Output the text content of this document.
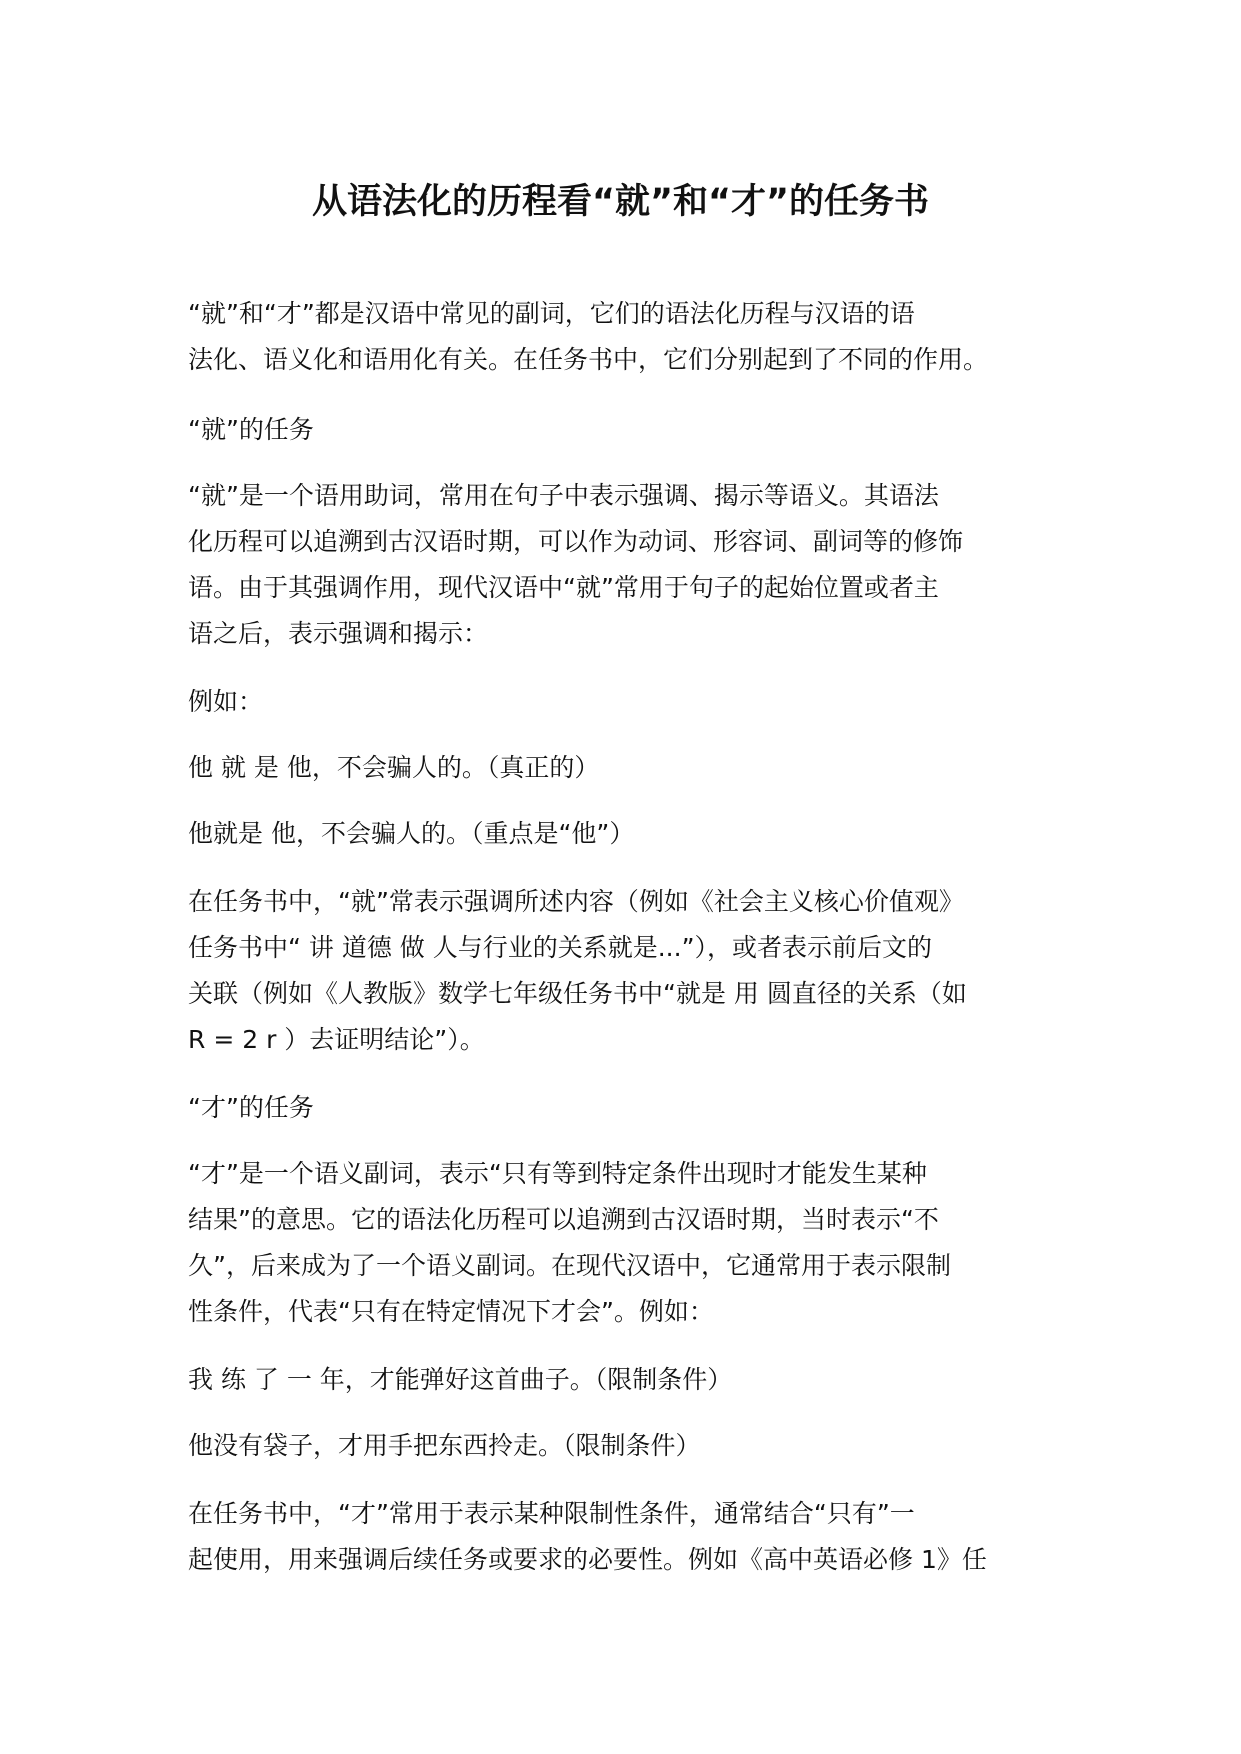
从语法化的历程看“就”和“才”的任务书

“就”和“才”都是汉语中常见的副词，它们的语法化历程与汉语的语

法化、语义化和语用化有关。在任务书中，它们分别起到了不同的作用。

“就”的任务

“就”是一个语用助词，常用在句子中表示强调、揭示等语义。其语法

化历程可以追溯到古汉语时期，可以作为动词、形容词、副词等的修饰

语。由于其强调作用，现代汉语中“就”常用于句子的起始位置或者主

语之后，表示强调和揭示：

例如：

他 就 是 他，不会骗人的。（真正的）

他就是 他，不会骗人的。（重点是“他”）

在任务书中，“就”常表示强调所述内容（例如《社会主义核心价值观》

任务书中“ 讲 道德 做 人与行业的关系就是...”），或者表示前后文的

关联（例如《人教版》数学七年级任务书中“就是 用 圆直径的关系（如

R = 2 r ）去证明结论”）。

“才”的任务

“才”是一个语义副词，表示“只有等到特定条件出现时才能发生某种

结果”的意思。它的语法化历程可以追溯到古汉语时期，当时表示“不

久”，后来成为了一个语义副词。在现代汉语中，它通常用于表示限制

性条件，代表“只有在特定情况下才会”。例如：

我 练 了 一 年，才能弹好这首曲子。（限制条件）

他没有袋子，才用手把东西拎走。（限制条件）

在任务书中，“才”常用于表示某种限制性条件，通常结合“只有”一

起使用，用来强调后续任务或要求的必要性。例如《高中英语必修 1》任
